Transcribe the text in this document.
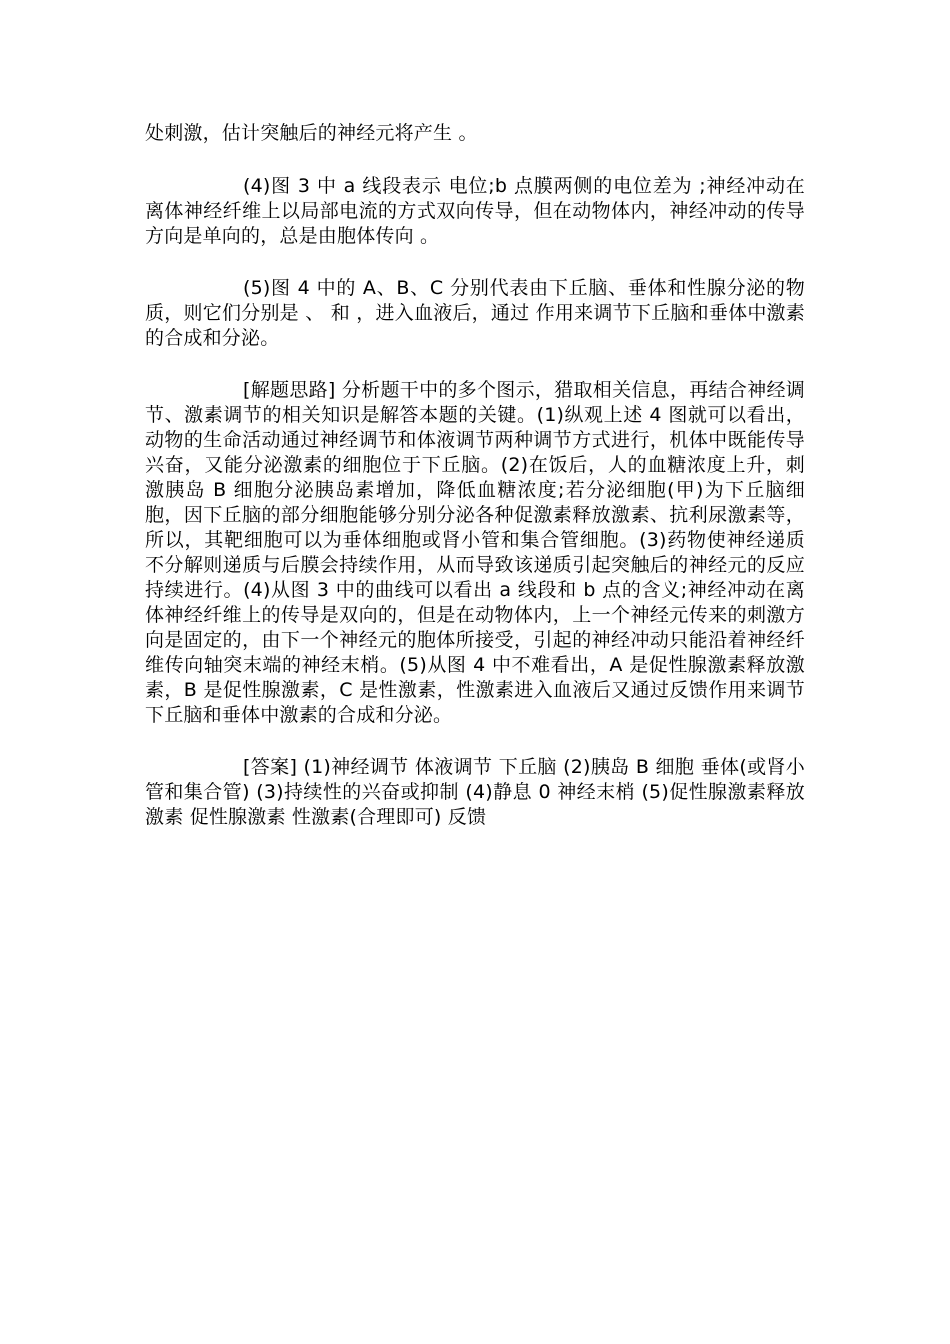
处刺激，估计突触后的神经元将产生 。

(4)图 3 中 a 线段表示 电位;b 点膜两侧的电位差为 ;神经冲动在离体神经纤维上以局部电流的方式双向传导，但在动物体内，神经冲动的传导方向是单向的，总是由胞体传向 。

(5)图 4 中的 A、B、C 分别代表由下丘脑、垂体和性腺分泌的物质，则它们分别是 、 和 ，进入血液后，通过 作用来调节下丘脑和垂体中激素的合成和分泌。

[解题思路] 分析题干中的多个图示，猎取相关信息，再结合神经调节、激素调节的相关知识是解答本题的关键。(1)纵观上述 4 图就可以看出，动物的生命活动通过神经调节和体液调节两种调节方式进行，机体中既能传导兴奋，又能分泌激素的细胞位于下丘脑。(2)在饭后，人的血糖浓度上升，刺激胰岛 B 细胞分泌胰岛素增加，降低血糖浓度;若分泌细胞(甲)为下丘脑细胞，因下丘脑的部分细胞能够分别分泌各种促激素释放激素、抗利尿激素等，所以，其靶细胞可以为垂体细胞或肾小管和集合管细胞。(3)药物使神经递质不分解则递质与后膜会持续作用，从而导致该递质引起突触后的神经元的反应持续进行。(4)从图 3 中的曲线可以看出 a 线段和 b 点的含义;神经冲动在离体神经纤维上的传导是双向的，但是在动物体内，上一个神经元传来的刺激方向是固定的，由下一个神经元的胞体所接受，引起的神经冲动只能沿着神经纤维传向轴突末端的神经末梢。(5)从图 4 中不难看出，A 是促性腺激素释放激素，B 是促性腺激素，C 是性激素，性激素进入血液后又通过反馈作用来调节下丘脑和垂体中激素的合成和分泌。

[答案] (1)神经调节 体液调节 下丘脑 (2)胰岛 B 细胞 垂体(或肾小管和集合管) (3)持续性的兴奋或抑制 (4)静息 0 神经末梢 (5)促性腺激素释放激素 促性腺激素 性激素(合理即可) 反馈
